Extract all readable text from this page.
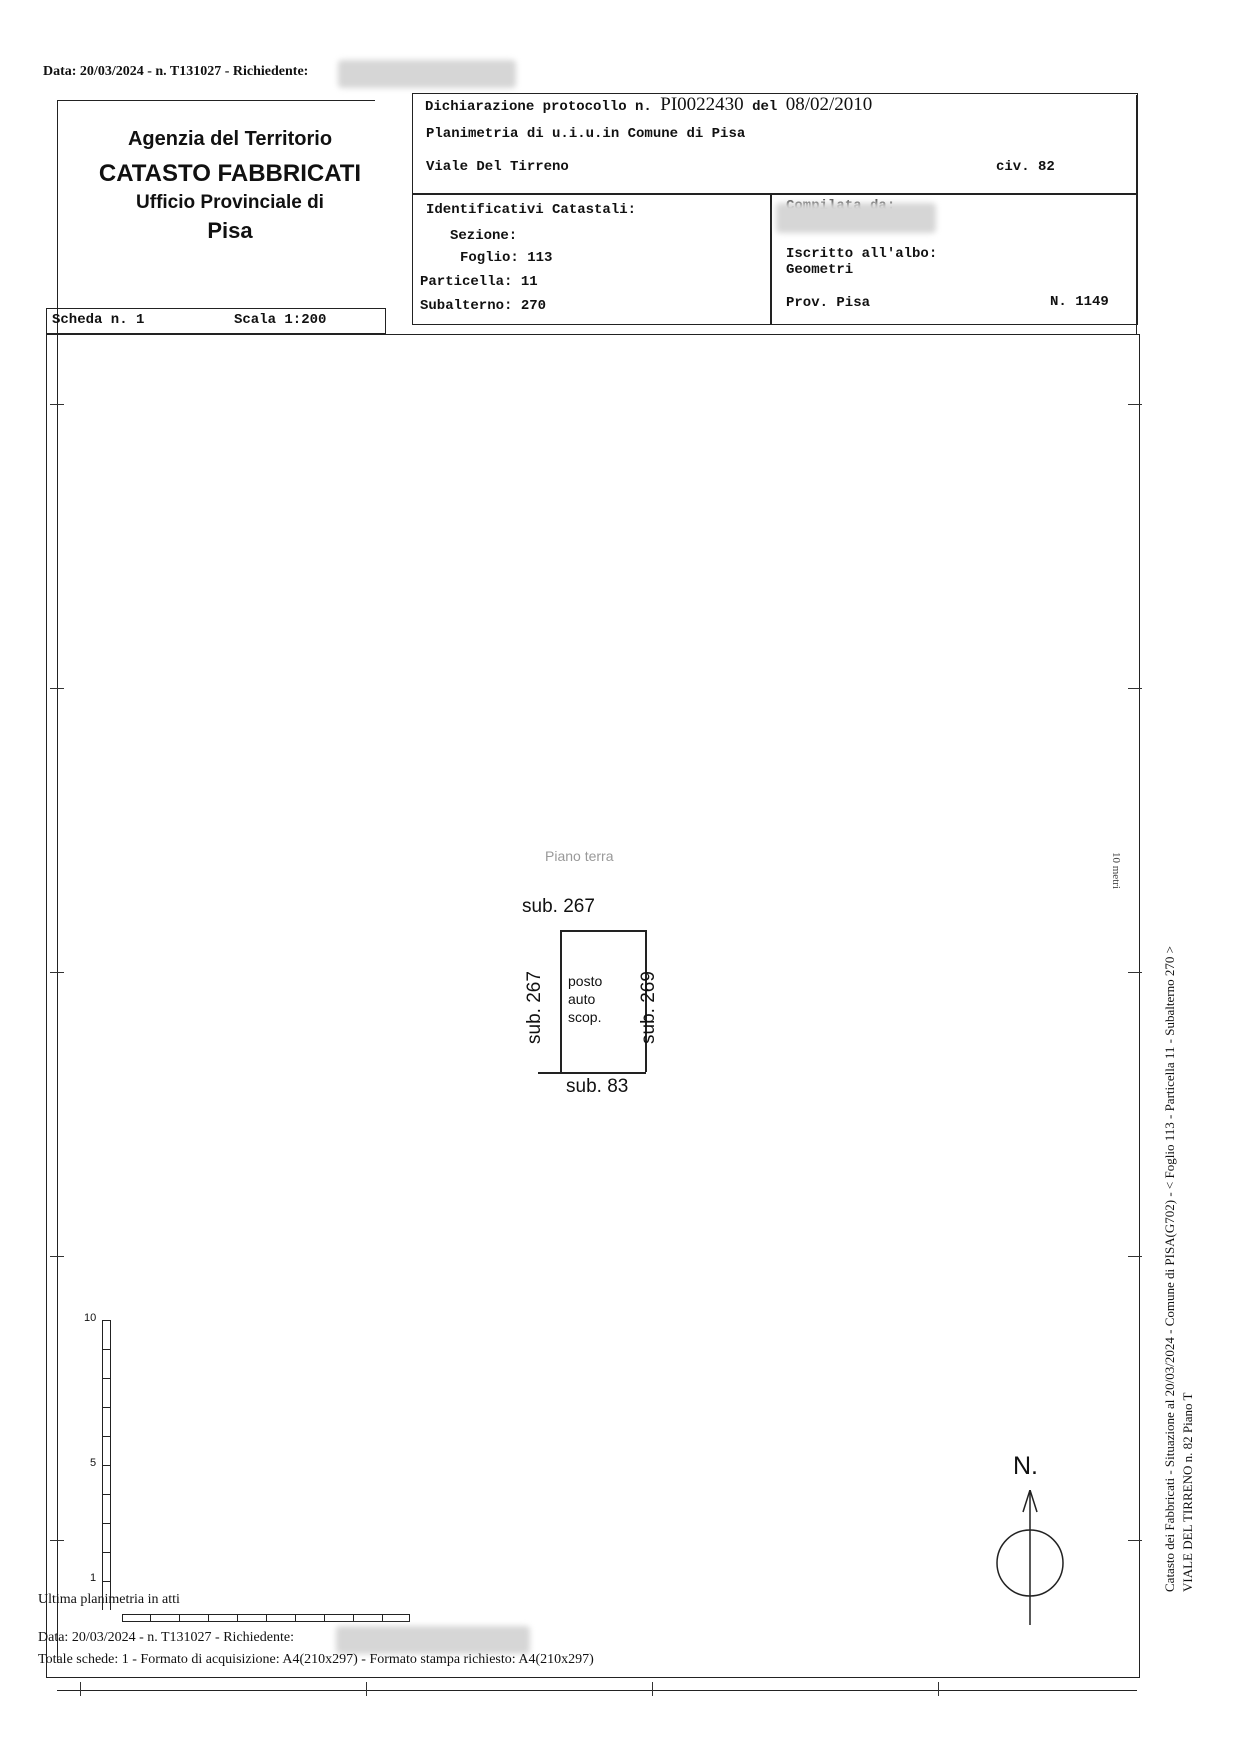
Data: 20/03/2024 - n. T131027 - Richiedente:
Agenzia del Territorio
CATASTO FABBRICATI
Ufficio Provinciale di
Pisa
Dichiarazione protocollo n. PI0022430 del 08/02/2010
Planimetria di u.i.u.in Comune di Pisa
Viale Del Tirreno	civ. 82
Identificativi Catastali:
Sezione:
Foglio: 113
Particella: 11
Subalterno: 270
Iscritto all'albo:
Geometri
Prov. Pisa	N. 1149
Scheda n. 1	Scala 1:200
Piano terra
sub. 267
posto
auto
scop.
sub. 267	sub. 269
sub. 83
10
5
1
N.	Catasto dei Fabbricati - Situazione al 20/03/2024 - Comune di PISA(G702) - < Foglio 113 - Particella 11 - Subalterno 270 > VIALE DEL TIRRENO n. 82 Piano T
10 metri
Ultima planimetria in atti
Data: 20/03/2024 - n. T131027 - Richiedente:
Totale schede: 1 - Formato di acquisizione: A4(210x297) - Formato stampa richiesto: A4(210x297)
